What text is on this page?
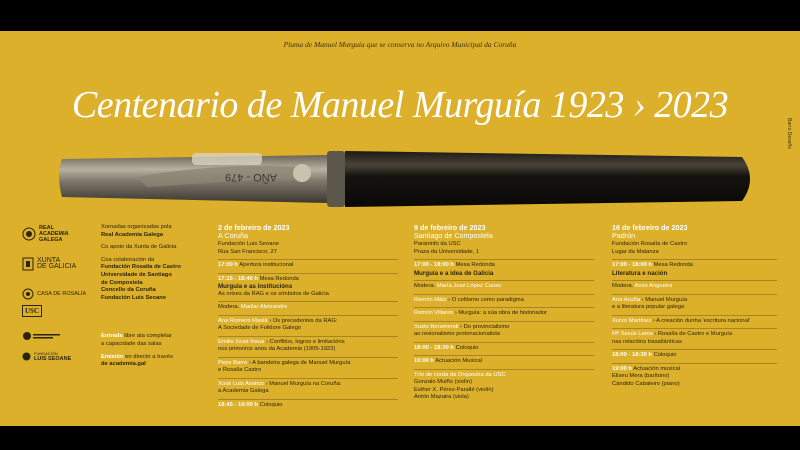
Pluma de Manuel Murguía que se conserva no Arquivo Municipal da Coruña
AÑO - 479
Centenario de Manuel Murguía 1923 › 2023
Barro Deseño
REAL
ACADEMIA
GALEGA
XUNTA
DE GALICIA
CASA DE ROSALÍA
USC
FUNDACIÓN
LUIS SEOANE

Xornadas organizadas pola
Real Academia Galega

Co apoio da Xunta de Galicia

Coa colaboración da
Fundación Rosalía de Castro
Universidade de Santiago
de Compostela
Concello da Coruña
Fundación Luis Seoane

Entrada libre ata completar
a capacidade das salas

Emisión en directo a través
de academia.gal

2 de febreiro de 2023
A Coruña
Fundación Luis Seoane
Rúa San Francisco, 27
17:00 h Apertura institucional
17:15 - 18:40 h Mesa Redonda
Murguía e as institucións
As orixes da RAG e os símbolos de Galicia
Modera. Marilar Aleixandre
Ana Romero Masiá › Os precedentes da RAG:
A Sociedade de Folklore Galego
Emilio Xosé Ínsua › Conflitos, logros e limitacións
nos primeiros anos da Academia (1905-1923)
Pepe Barro › A bandeira galega de Manuel Murguía
e Rosalía Castro
Xosé Luís Axeitos › Manuel Murguía na Coruña:
a Academia Galega
18:45 - 19:00 h Coloquio
9 de febreiro de 2023
Santiago de Compostela
Paraninfo da USC
Praza da Universidade, 1
17:00 - 18:00 h Mesa Redonda
Murguía e a idea de Galicia
Modera. María José López Couso
Ramón Máiz › O celtismo como paradigma
Ramón Villares › Murguía: a súa obra de historiador
Xusto Beramendi › Do provincialismo
ao rexionalismo protonacionalista
18:00 - 18:30 h Coloquio
19:00 h Actuación Musical
Trío de corda da Orquestra da USC
Gonzalo Muiño (violín)
Esther X. Pérez-Parallé (violín)
Antón Mazaira (viola)
16 de febreiro de 2023
Padrón
Fundación Rosalía de Castro
Lugar da Matanza
17:00 - 18:00 h Mesa Redonda
Literatura e nación
Modera. Anxo Angueira
Ana Acuña › Manuel Murguía
e a literatura popular galega
Xurxo Martínez › A creación dunha 'escritura nacional'
Mª Xesús Lama › Rosalía de Castro e Murguía
nas relacións trasatlánticas
18:00 - 18:30 h Coloquio
19:00 h Actuación musical
Eliseu Mera (barítono)
Cándido Cabaleiro (piano)
